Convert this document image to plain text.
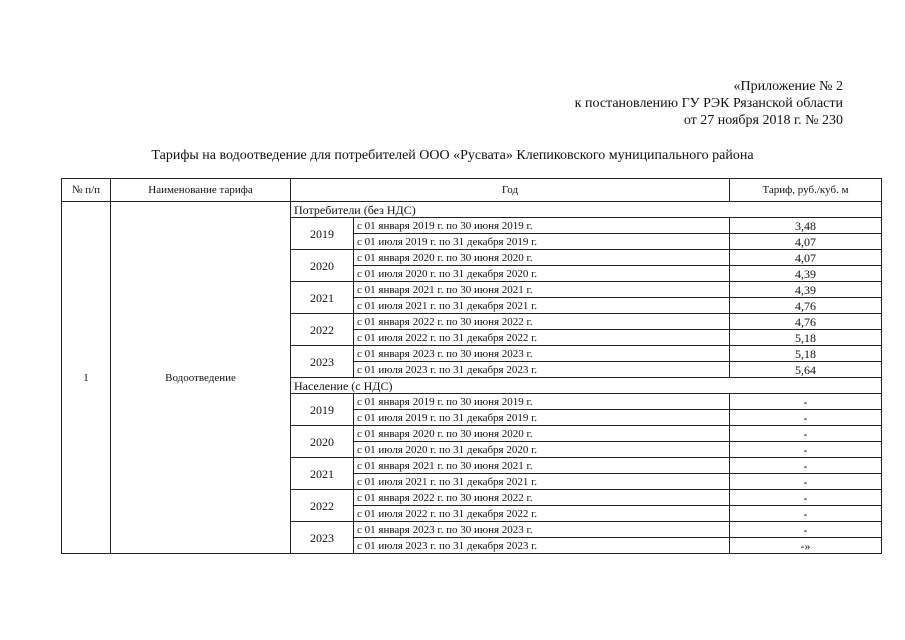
«Приложение № 2
к постановлению ГУ РЭК Рязанской области
от 27 ноября 2018 г. № 230
Тарифы на водоотведение для потребителей ООО «Русвата» Клепиковского муниципального района
№ п/п	Наименование тарифа	Год		Тариф, руб./куб. м
1	Водоотведение	Потребители (без НДС)		
		2019	с 01 января 2019 г. по 30 июня 2019 г.	3,48
			с 01 июля 2019 г. по 31 декабря 2019 г.	4,07
		2020	с 01 января 2020 г. по 30 июня 2020 г.	4,07
			с 01 июля 2020 г. по 31 декабря 2020 г.	4,39
		2021	с 01 января 2021 г. по 30 июня 2021 г.	4,39
			с 01 июля 2021 г. по 31 декабря 2021 г.	4,76
		2022	с 01 января 2022 г. по 30 июня 2022 г.	4,76
			с 01 июля 2022 г. по 31 декабря 2022 г.	5,18
		2023	с 01 января 2023 г. по 30 июня 2023 г.	5,18
			с 01 июля 2023 г. по 31 декабря 2023 г.	5,64
		Население (с НДС)		
		2019	с 01 января 2019 г. по 30 июня 2019 г.	-
			с 01 июля 2019 г. по 31 декабря 2019 г.	-
		2020	с 01 января 2020 г. по 30 июня 2020 г.	-
			с 01 июля 2020 г. по 31 декабря 2020 г.	-
		2021	с 01 января 2021 г. по 30 июня 2021 г.	-
			с 01 июля 2021 г. по 31 декабря 2021 г.	-
		2022	с 01 января 2022 г. по 30 июня 2022 г.	-
			с 01 июля 2022 г. по 31 декабря 2022 г.	-
		2023	с 01 января 2023 г. по 30 июня 2023 г.	-
			с 01 июля 2023 г. по 31 декабря 2023 г.	-»
